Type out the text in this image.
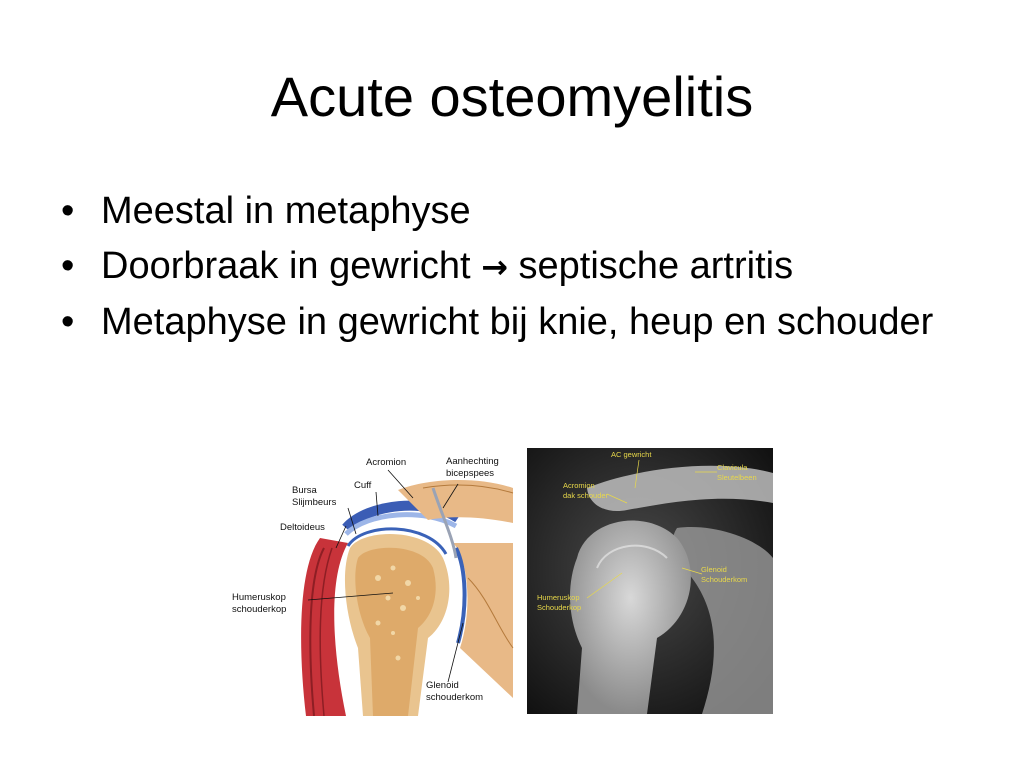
Acute osteomyelitis
• Meestal in metaphyse
• Doorbraak in gewricht → septische artritis
• Metaphyse in gewricht bij knie, heup en schouder
Acromion	Aanhechting
bicepspees
Cuff
Bursa
Slijmbeurs
Deltoideus
Humeruskop
schouderkop
Glenoid
schouderkom
AC gewricht
Clavicula
Sleutelbeen
Acromion
dak schouder
Glenoid
Schouderkom
Humeruskop
Schouderkop
